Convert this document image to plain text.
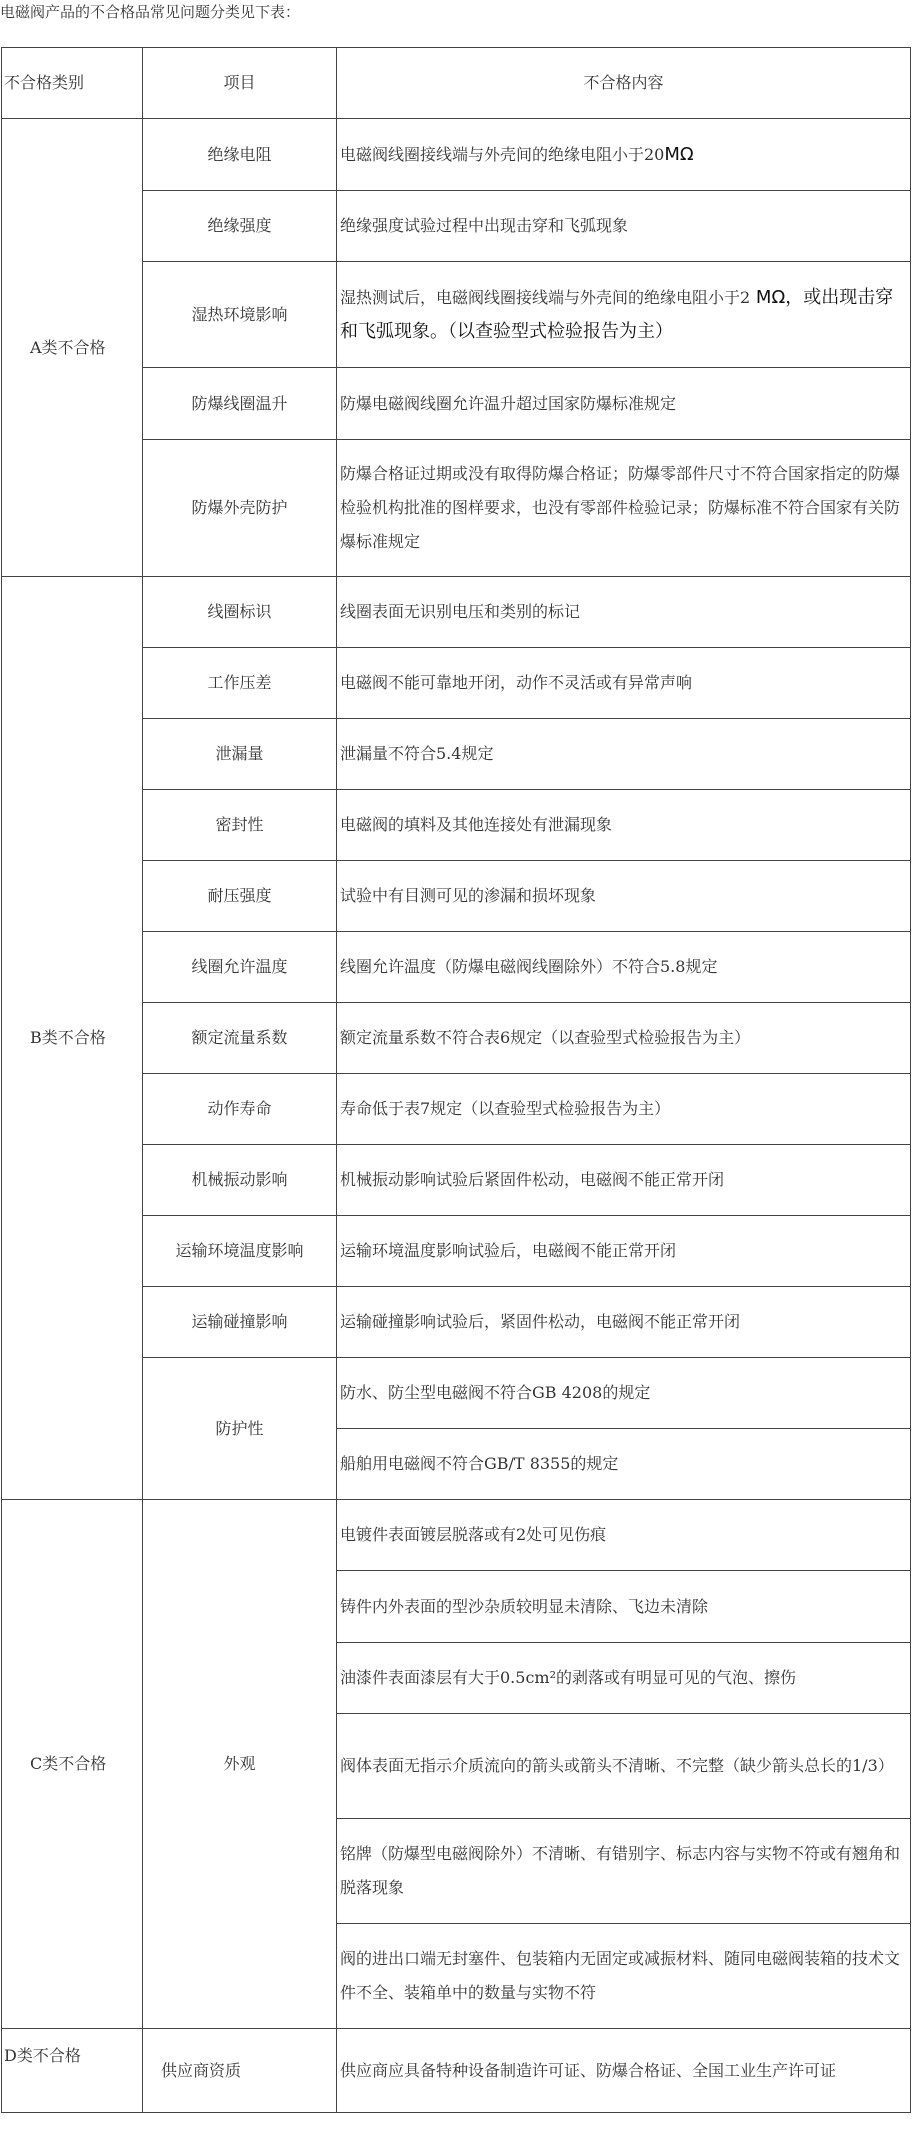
电磁阀产品的不合格品常见问题分类见下表：
不合格类别	项目	不合格内容
A类不合格	绝缘电阻	电磁阀线圈接线端与外壳间的绝缘电阻小于20MΩ
	绝缘强度	绝缘强度试验过程中出现击穿和飞弧现象
	湿热环境影响	湿热测试后，电磁阀线圈接线端与外壳间的绝缘电阻小于2 MΩ，或出现击穿和飞弧现象。（以查验型式检验报告为主）
	防爆线圈温升	防爆电磁阀线圈允许温升超过国家防爆标准规定
	防爆外壳防护	防爆合格证过期或没有取得防爆合格证；防爆零部件尺寸不符合国家指定的防爆检验机构批准的图样要求，也没有零部件检验记录；防爆标准不符合国家有关防爆标准规定
B类不合格	线圈标识	线圈表面无识别电压和类别的标记
	工作压差	电磁阀不能可靠地开闭，动作不灵活或有异常声响
	泄漏量	泄漏量不符合5.4规定
	密封性	电磁阀的填料及其他连接处有泄漏现象
	耐压强度	试验中有目测可见的渗漏和损坏现象
	线圈允许温度	线圈允许温度（防爆电磁阀线圈除外）不符合5.8规定
	额定流量系数	额定流量系数不符合表6规定（以查验型式检验报告为主）
	动作寿命	寿命低于表7规定（以查验型式检验报告为主）
	机械振动影响	机械振动影响试验后紧固件松动，电磁阀不能正常开闭
	运输环境温度影响	运输环境温度影响试验后，电磁阀不能正常开闭
	运输碰撞影响	运输碰撞影响试验后，紧固件松动，电磁阀不能正常开闭
	防护性	防水、防尘型电磁阀不符合GB 4208的规定
		船舶用电磁阀不符合GB/T 8355的规定
C类不合格	外观	电镀件表面镀层脱落或有2处可见伤痕
		铸件内外表面的型沙杂质较明显未清除、飞边未清除
		油漆件表面漆层有大于0.5cm²的剥落或有明显可见的气泡、擦伤
		阀体表面无指示介质流向的箭头或箭头不清晰、不完整（缺少箭头总长的1/3）
		铭牌（防爆型电磁阀除外）不清晰、有错别字、标志内容与实物不符或有翘角和脱落现象
		阀的进出口端无封塞件、包装箱内无固定或减振材料、随同电磁阀装箱的技术文件不全、装箱单中的数量与实物不符
D类不合格	供应商资质	供应商应具备特种设备制造许可证、防爆合格证、全国工业生产许可证
